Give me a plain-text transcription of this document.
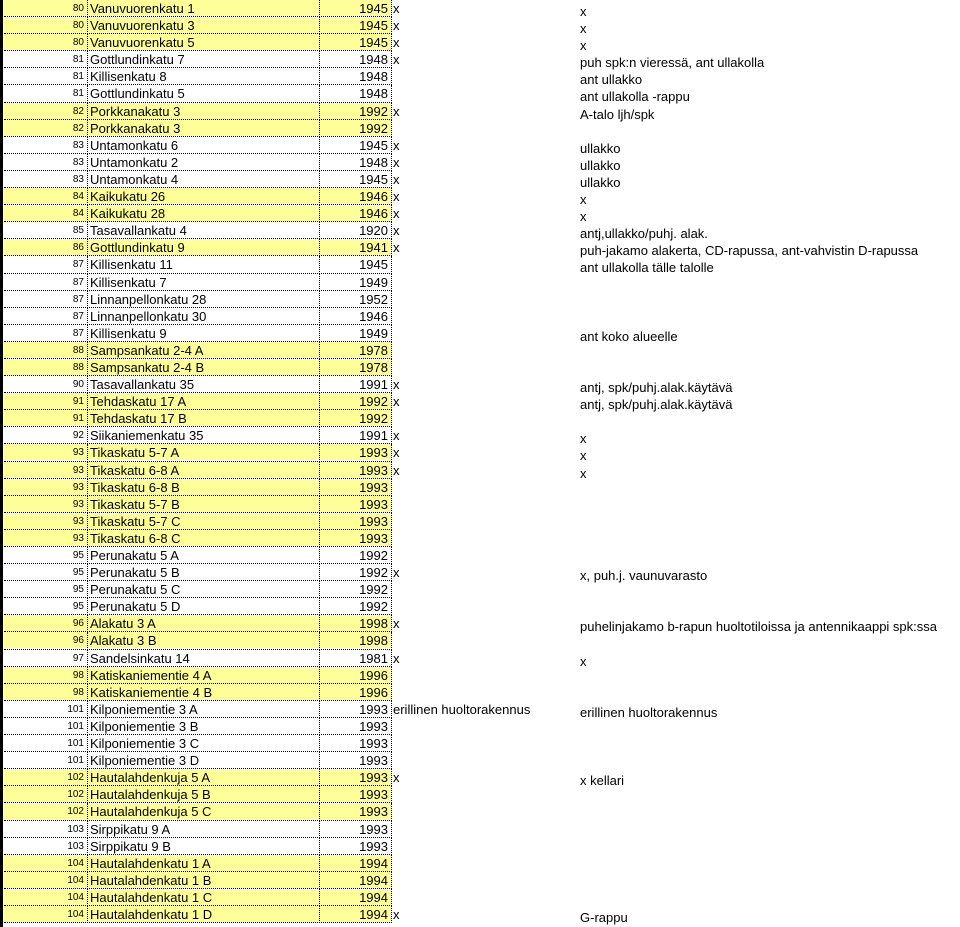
80 Vanuvuorenkatu 1	1945 x	x
80 Vanuvuorenkatu 3	1945 x	x
80 Vanuvuorenkatu 5	1945 x	x
81 Gottlundinkatu 7	1948 x	puh spk:n vieressä, ant ullakolla
81 Killisenkatu 8	1948	ant ullakko
81 Gottlundinkatu 5	1948	ant ullakolla -rappu
82 Porkkanakatu 3	1992 x	A-talo ljh/spk
82 Porkkanakatu 3	1992
83 Untamonkatu 6	1945 x	ullakko
83 Untamonkatu 2	1948 x	ullakko
83 Untamonkatu 4	1945 x	ullakko
84 Kaikukatu 26	1946 x	x
84 Kaikukatu 28	1946 x	x
85 Tasavallankatu 4	1920 x	antj,ullakko/puhj. alak.
86 Gottlundinkatu 9	1941 x	puh-jakamo alakerta, CD-rapussa, ant-vahvistin D-rapussa
87 Killisenkatu 11	1945	ant ullakolla tälle talolle
87 Killisenkatu 7	1949
87 Linnanpellonkatu 28	1952
87 Linnanpellonkatu 30	1946
87 Killisenkatu 9	1949	ant koko alueelle
88 Sampsankatu 2-4 A	1978
88 Sampsankatu 2-4 B	1978
90 Tasavallankatu 35	1991 x	antj, spk/puhj.alak.käytävä
91 Tehdaskatu 17 A	1992 x	antj, spk/puhj.alak.käytävä
91 Tehdaskatu 17 B	1992
92 Siikaniemenkatu 35	1991 x	x
93 Tikaskatu 5-7 A	1993 x	x
93 Tikaskatu 6-8 A	1993 x	x
93 Tikaskatu 6-8 B	1993
93 Tikaskatu 5-7 B	1993
93 Tikaskatu 5-7 C	1993
93 Tikaskatu 6-8 C	1993
95 Perunakatu 5 A	1992
95 Perunakatu 5 B	1992 x	x, puh.j. vaunuvarasto
95 Perunakatu 5 C	1992
95 Perunakatu 5 D	1992
96 Alakatu 3 A	1998 x	puhelinjakamo b-rapun huoltotiloissa ja antennikaappi spk:ssa
96 Alakatu 3 B	1998
97 Sandelsinkatu 14	1981 x	x
98 Katiskaniementie 4 A	1996
98 Katiskaniementie 4 B	1996
101 Kilponiementie 3 A	1993 erillinen huoltorakennus	erillinen huoltorakennus
101 Kilponiementie 3 B	1993
101 Kilponiementie 3 C	1993
101 Kilponiementie 3 D	1993
102 Hautalahdenkuja 5 A	1993 x	x kellari
102 Hautalahdenkuja 5 B	1993
102 Hautalahdenkuja 5 C	1993
103 Sirppikatu 9 A	1993
103 Sirppikatu 9 B	1993
104 Hautalahdenkatu 1 A	1994
104 Hautalahdenkatu 1 B	1994
104 Hautalahdenkatu 1 C	1994
104 Hautalahdenkatu 1 D	1994 x	G-rappu
